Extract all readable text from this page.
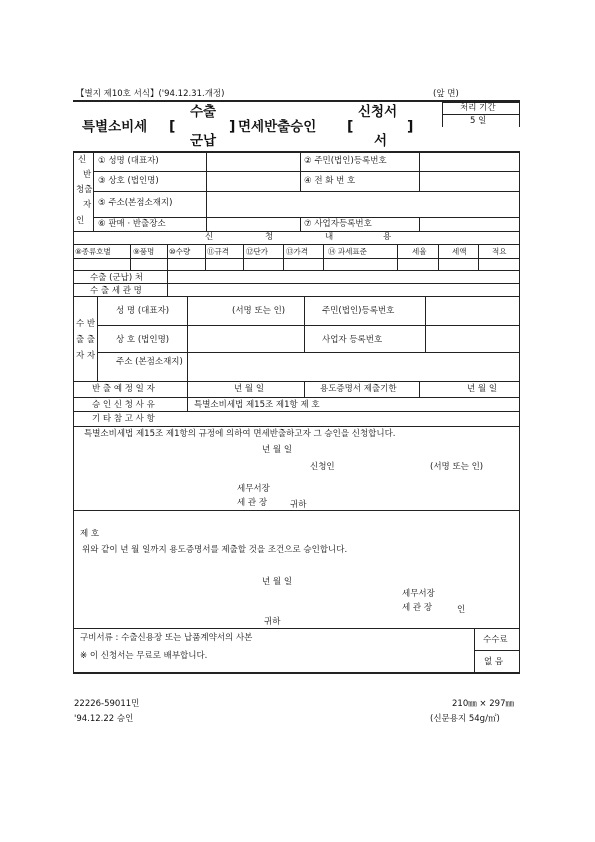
【별지 제10호 서식】('94.12.31.개정)	(앞 면)
특별소비세 [
수출
군납
] 면세반출승인 [
신청서
서
]
처리 기간
5 일
신
반
청출
자
인
① 성명 (대표자)	② 주민(법인)등록번호
③ 상호 (법인명)	④ 전 화 번 호
⑤ 주소(본점소재지)
⑥ 판매 · 반출장소	⑦ 사업자등록번호
신	청	내	용
⑧종류호별	⑨품명 ⑩수량 ⑪규격 ⑫단가 ⑬가격	⑭ 과세표준	세율	세액	적요
수출 (군납) 처
수 출 세 관 명
수 반
출 출
자 자
성 명 (대표자)	(서명 또는 인)	주민(법인)등록번호
상 호 (법인명)	사업자 등록번호
주소 (본점소재지)
반 출 예 정 일 자	년 월 일	용도증명서 제출기한	년 월 일
승 인 신 청 사 유	특별소비세법 제15조 제1항 제 호
기 타 참 고 사 항
특별소비세법 제15조 제1항의 규정에 의하여 면세반출하고자 그 승인을 신청합니다.
년 월 일
신청인	(서명 또는 인)
세무서장
세 관 장	귀하
제 호
위와 같이 년 월 일까지 용도증명서를 제출할 것을 조건으로 승인합니다.
년 월 일
세무서장
세 관 장	인
귀하
구비서류 : 수출신용장 또는 납품계약서의 사본
※ 이 신청서는 무료로 배부합니다.
수수료
없 음
22226-59011민
'94.12.22 승인
210㎜ × 297㎜
(신문용지 54g/㎡)
